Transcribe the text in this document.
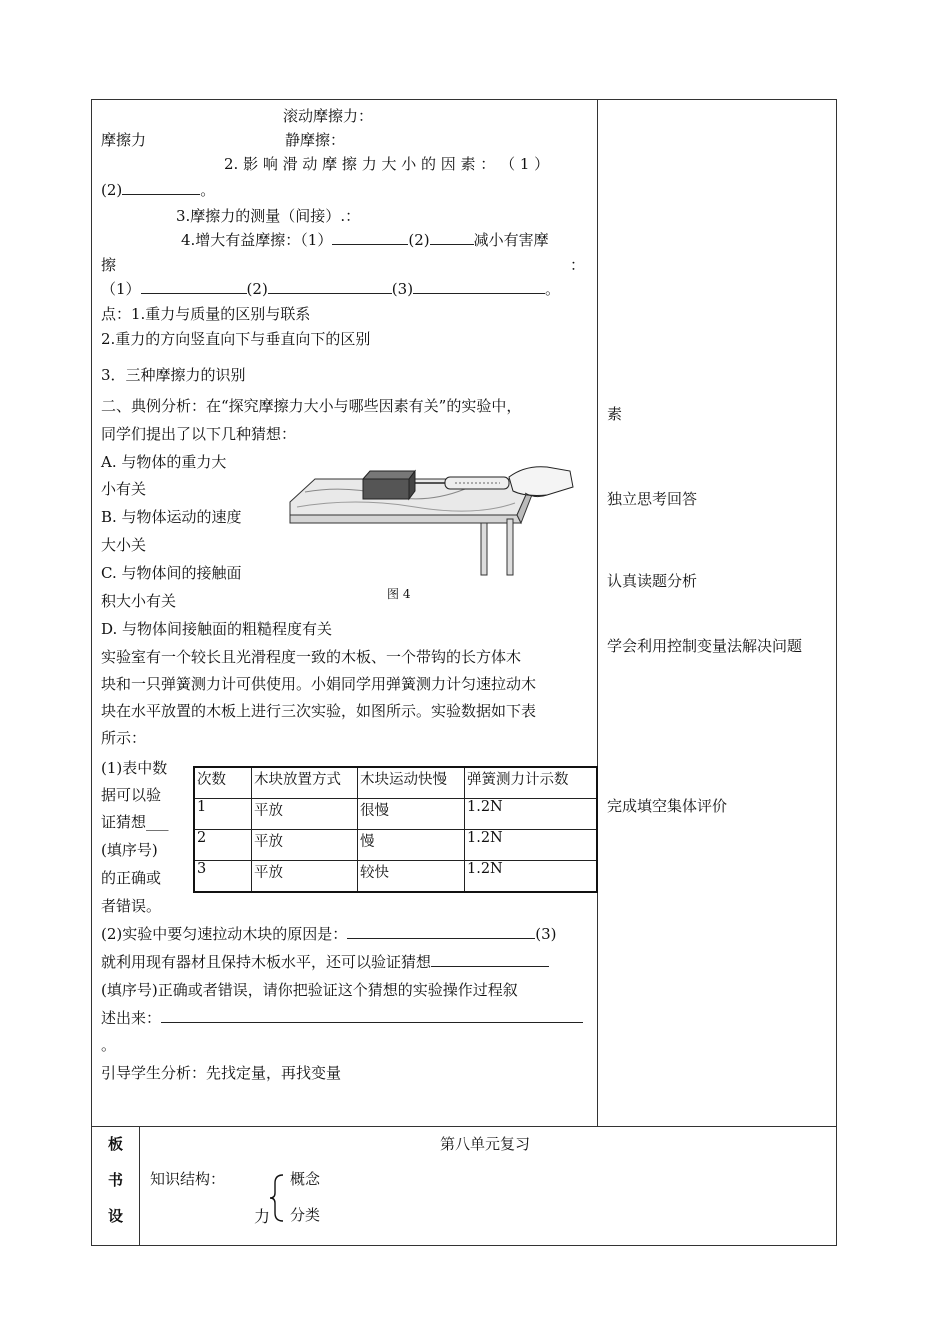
滚动摩擦力：
摩擦力	静摩擦：
2. 影 响 滑 动 摩 擦 力 大 小 的 因 素 ： （ 1 ）
(2)	。
3.摩擦力的测量（间接）.：
4.增大有益摩擦：（1）	(2)	减小有害摩
擦	：
（1）	(2)	(3)	。
点：1.重力与质量的区别与联系
2.重力的方向竖直向下与垂直向下的区别
3．三种摩擦力的识别
二、典例分析：在“探究摩擦力大小与哪些因素有关”的实验中，
同学们提出了以下几种猜想：
A. 与物体的重力大
小有关
B. 与物体运动的速度
大小关
C. 与物体间的接触面
积大小有关
D. 与物体间接触面的粗糙程度有关
图 4
实验室有一个较长且光滑程度一致的木板、一个带钩的长方体木
块和一只弹簧测力计可供使用。小娟同学用弹簧测力计匀速拉动木
块在水平放置的木板上进行三次实验，如图所示。实验数据如下表
所示：
(1)表中数
据可以验
证猜想___
(填序号)
的正确或
者错误。
次数	木块放置方式	木块运动快慢	弹簧测力计示数
1	平放	很慢	1.2N
2	平放	慢	1.2N
3	平放	较快	1.2N
(2)实验中要匀速拉动木块的原因是：	(3)
就利用现有器材且保持木板水平，还可以验证猜想
(填序号)正确或者错误，请你把验证这个猜想的实验操作过程叙
述出来：
。
引导学生分析：先找定量，再找变量
素
独立思考回答
认真读题分析
学会利用控制变量法解决问题
完成填空集体评价
板
书
设
第八单元复习
知识结构：
力
概念
分类
